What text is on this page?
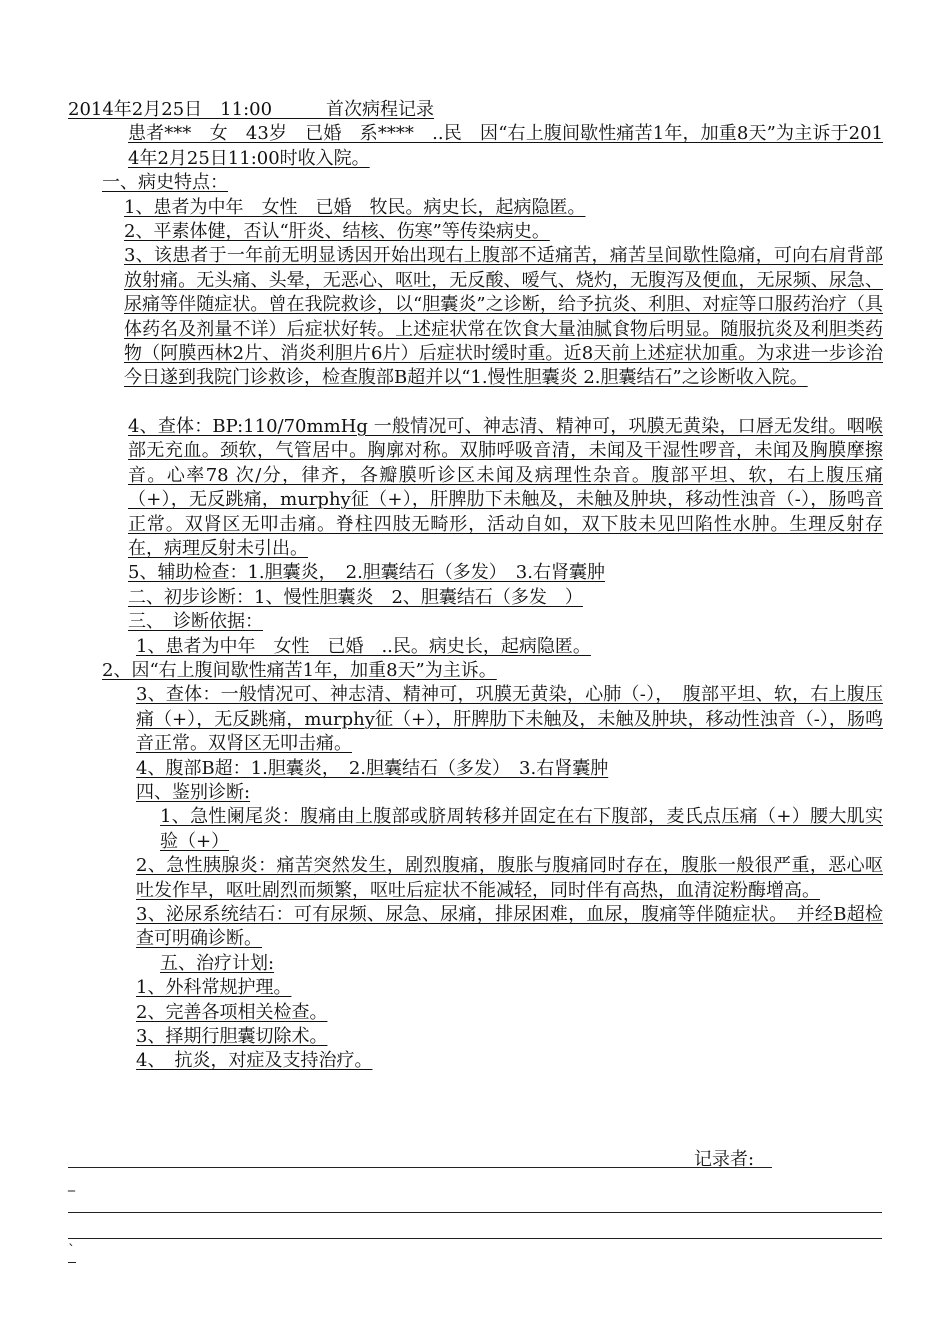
2014年2月25日　11:00　　　首次病程记录

患者***　女　43岁　已婚　系****　..民　因“右上腹间歇性痛苦1年，加重8天”为主诉于2014年2月25日11:00时收入院。

一、病史特点：

1、患者为中年　女性　已婚　牧民。病史长，起病隐匿。

2、平素体健，否认“肝炎、结核、伤寒”等传染病史。

3、该患者于一年前无明显诱因开始出现右上腹部不适痛苦，痛苦呈间歇性隐痛，可向右肩背部放射痛。无头痛、头晕，无恶心、呕吐，无反酸、嗳气、烧灼，无腹泻及便血，无尿频、尿急、尿痛等伴随症状。曾在我院救诊，以“胆囊炎”之诊断，给予抗炎、利胆、对症等口服药治疗（具体药名及剂量不详）后症状好转。上述症状常在饮食大量油腻食物后明显。随服抗炎及利胆类药物（阿膜西林2片、消炎利胆片6片）后症状时缓时重。近8天前上述症状加重。为求进一步诊治今日遂到我院门诊救诊，检查腹部B超并以“1.慢性胆囊炎 2.胆囊结石”之诊断收入院。

4、查体：BP:110/70mmHg 一般情况可、神志清、精神可，巩膜无黄染，口唇无发绀。咽喉部无充血。颈软，气管居中。胸廓对称。双肺呼吸音清，未闻及干湿性啰音，未闻及胸膜摩擦音。心率78 次/分，律齐，各瓣膜听诊区未闻及病理性杂音。腹部平坦、软，右上腹压痛（+），无反跳痛，murphy征（+），肝脾肋下未触及，未触及肿块，移动性浊音（-），肠鸣音正常。双肾区无叩击痛。脊柱四肢无畸形，活动自如，双下肢未见凹陷性水肿。生理反射存在，病理反射未引出。

5、辅助检查：1.胆囊炎，　2.胆囊结石（多发）　3.右肾囊肿

二、初步诊断：1、慢性胆囊炎　2、胆囊结石（多发　）

三、　诊断依据：

1、患者为中年　女性　已婚　..民。病史长，起病隐匿。

2、因“右上腹间歇性痛苦1年，加重8天”为主诉。

3、查体：一般情况可、神志清、精神可，巩膜无黄染，心肺（-），　腹部平坦、软，右上腹压痛（+），无反跳痛，murphy征（+），肝脾肋下未触及，未触及肿块，移动性浊音（-），肠鸣音正常。双肾区无叩击痛。

4、腹部B超：1.胆囊炎，　2.胆囊结石（多发）　3.右肾囊肿

四、鉴别诊断:

1、急性阑尾炎：腹痛由上腹部或脐周转移并固定在右下腹部，麦氏点压痛（+）腰大肌实验（+）

2、急性胰腺炎：痛苦突然发生，剧烈腹痛，腹胀与腹痛同时存在，腹胀一般很严重，恶心呕吐发作早，呕吐剧烈而频繁，呕吐后症状不能减轻，同时伴有高热，血清淀粉酶增高。

3、泌尿系统结石：可有尿频、尿急、尿痛，排尿困难，血尿，腹痛等伴随症状。　并经B超检查可明确诊断。

五、治疗计划:

1、外科常规护理。

2、完善各项相关检查。

3、择期行胆囊切除术。

4、　抗炎，对症及支持治疗。

记录者:
_
`
